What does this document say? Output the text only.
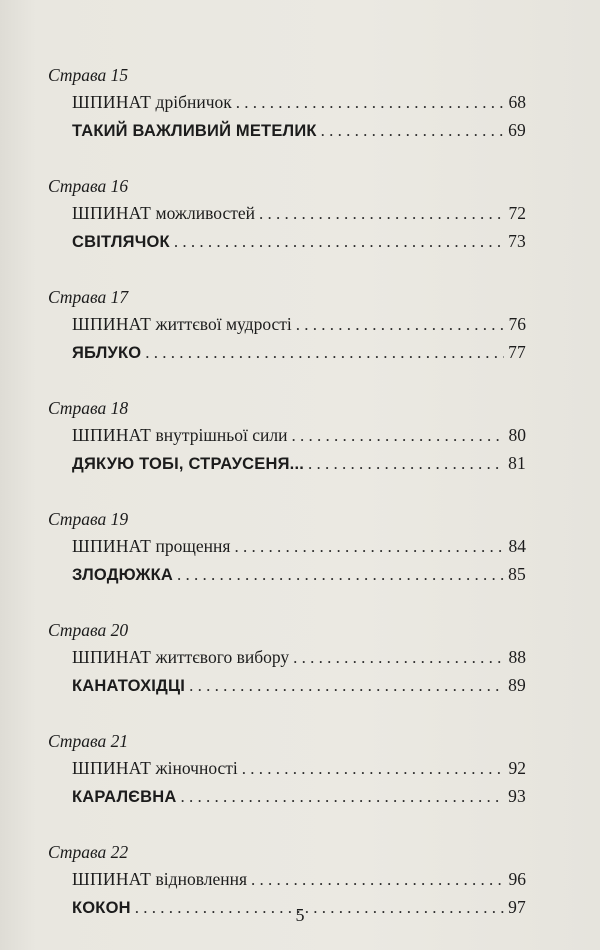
Страва 15
ШПИНАТ дрібничок . . .	68
ТАКИЙ ВАЖЛИВИЙ МЕТЕЛИК . . .	69
Страва 16
ШПИНАТ можливостей . . .	72
СВІТЛЯЧОК . . .	73
Страва 17
ШПИНАТ життєвої мудрості . . .	76
ЯБЛУКО . . .	77
Страва 18
ШПИНАТ внутрішньої сили . . .	80
ДЯКУЮ ТОБІ, СТРАУСЕНЯ... . . .	81
Страва 19
ШПИНАТ прощення . . .	84
ЗЛОДЮЖКА . . .	85
Страва 20
ШПИНАТ життєвого вибору . . .	88
КАНАТОХІДЦІ . . .	89
Страва 21
ШПИНАТ жіночності . . .	92
КАРАЛЄВНА . . .	93
Страва 22
ШПИНАТ відновлення . . .	96
КОКОН . . .	97
5
